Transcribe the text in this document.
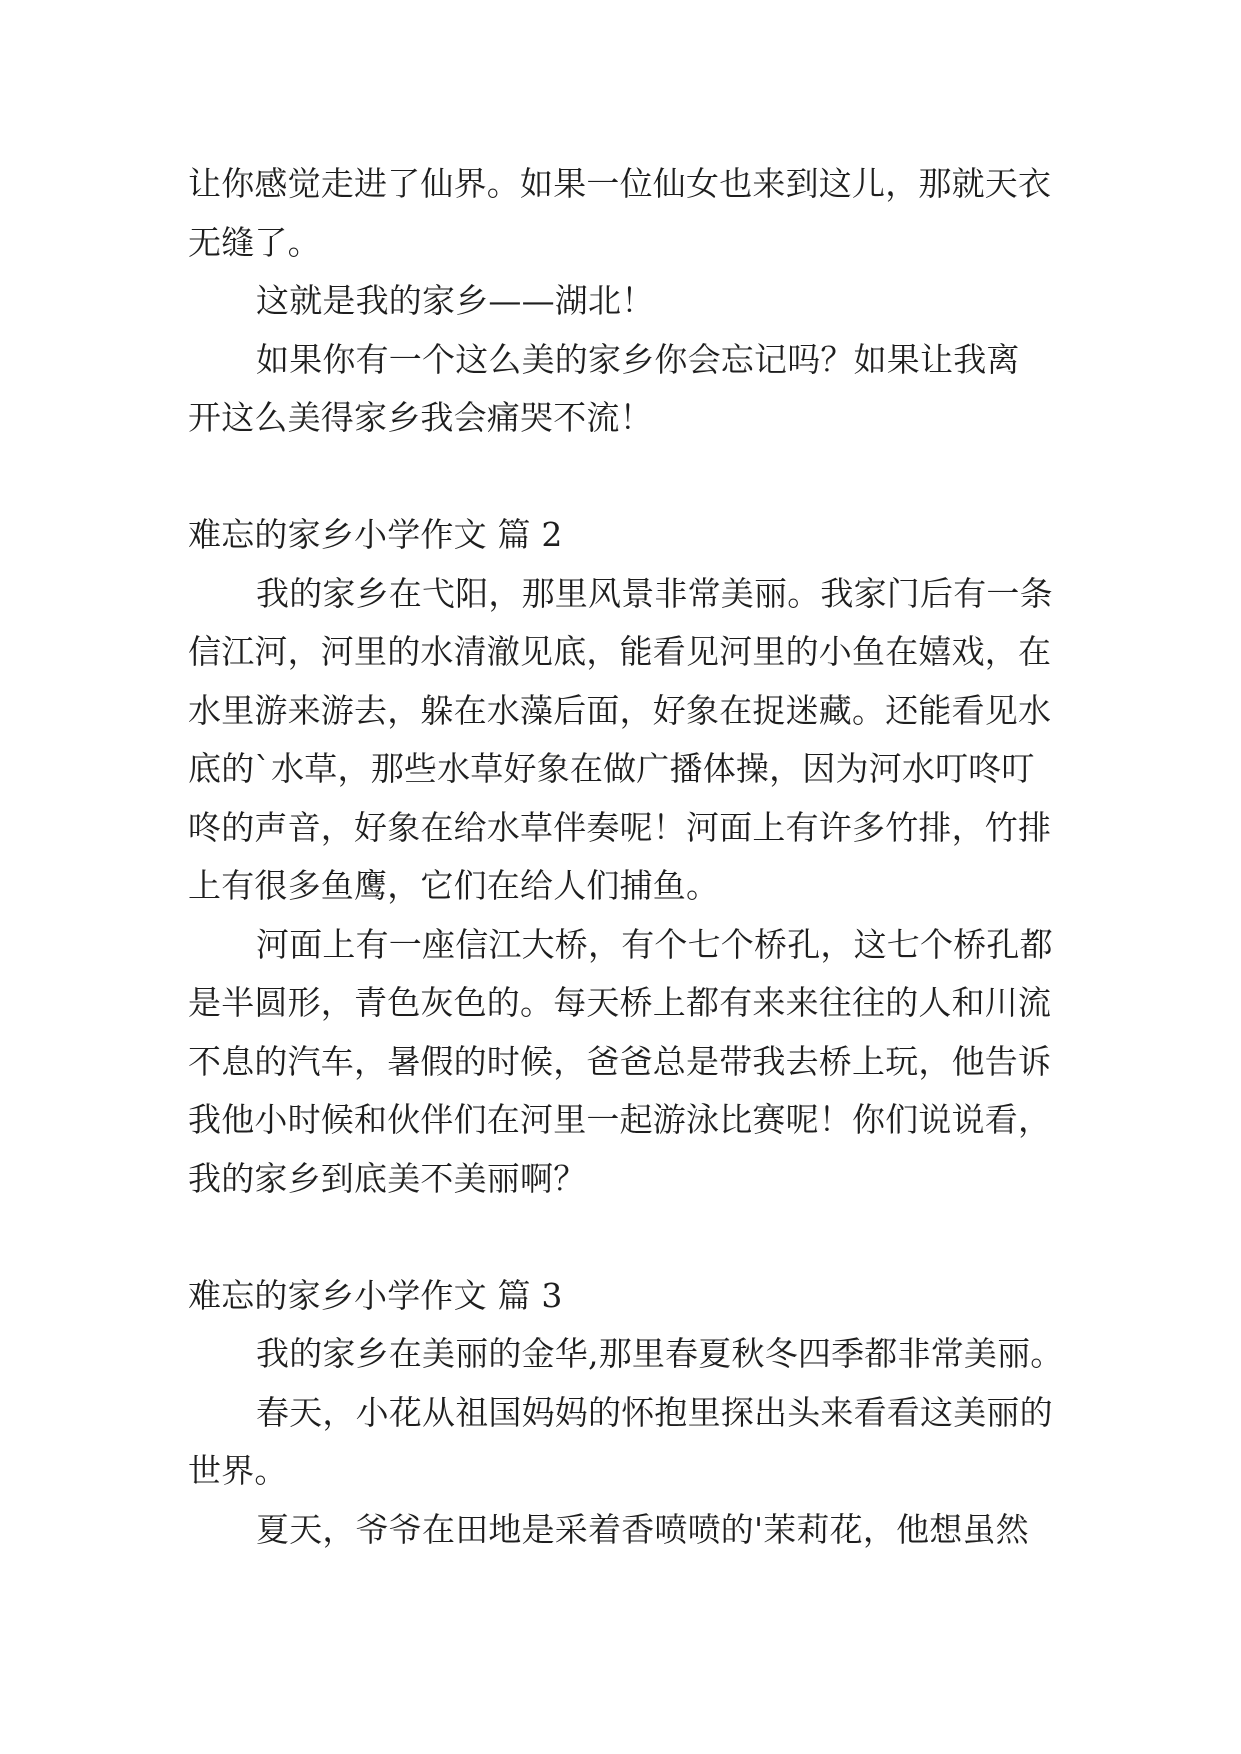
让你感觉走进了仙界。如果一位仙女也来到这儿，那就天衣
无缝了。
这就是我的家乡——湖北！
如果你有一个这么美的家乡你会忘记吗？如果让我离
开这么美得家乡我会痛哭不流！
难忘的家乡小学作文 篇 2
我的家乡在弋阳，那里风景非常美丽。我家门后有一条
信江河，河里的水清澈见底，能看见河里的小鱼在嬉戏，在
水里游来游去，躲在水藻后面，好象在捉迷藏。还能看见水
底的`水草，那些水草好象在做广播体操，因为河水叮咚叮
咚的声音，好象在给水草伴奏呢！河面上有许多竹排，竹排
上有很多鱼鹰，它们在给人们捕鱼。
河面上有一座信江大桥，有个七个桥孔，这七个桥孔都
是半圆形，青色灰色的。每天桥上都有来来往往的人和川流
不息的汽车，暑假的时候，爸爸总是带我去桥上玩，他告诉
我他小时候和伙伴们在河里一起游泳比赛呢！你们说说看，
我的家乡到底美不美丽啊？
难忘的家乡小学作文 篇 3
我的家乡在美丽的金华,那里春夏秋冬四季都非常美丽。
春天，小花从祖国妈妈的怀抱里探出头来看看这美丽的
世界。
夏天，爷爷在田地是采着香喷喷的'茉莉花，他想虽然
